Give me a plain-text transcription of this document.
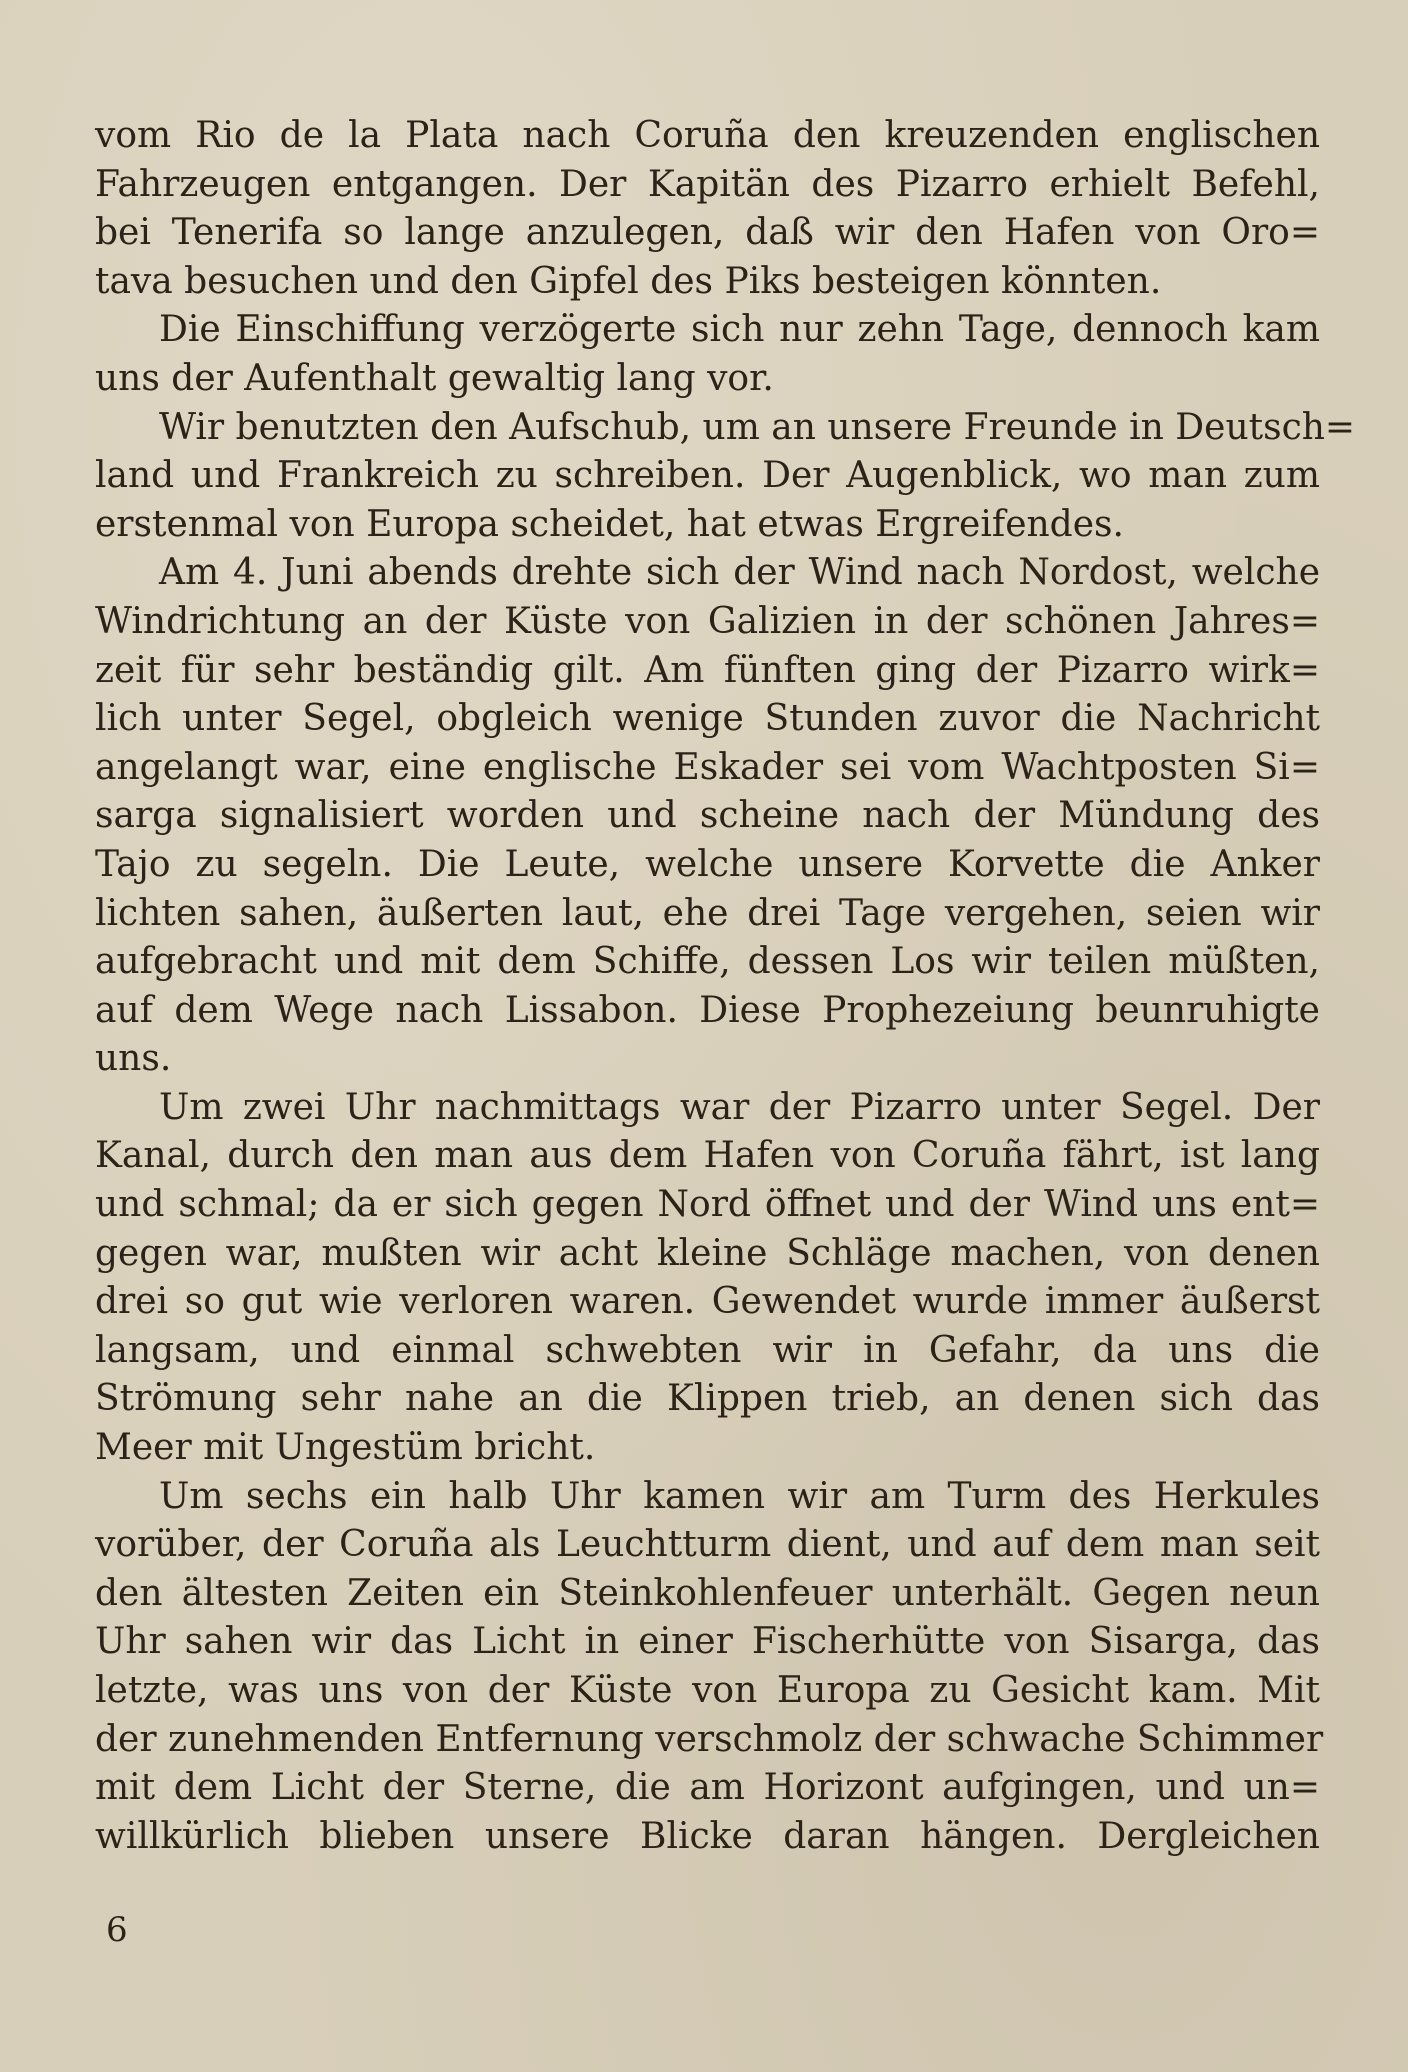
vom Rio de la Plata nach Coruña den kreuzenden englischen
Fahrzeugen entgangen. Der Kapitän des Pizarro erhielt Befehl,
bei Tenerifa so lange anzulegen, daß wir den Hafen von Oro=
tava besuchen und den Gipfel des Piks besteigen könnten.
Die Einschiffung verzögerte sich nur zehn Tage, dennoch kam
uns der Aufenthalt gewaltig lang vor.
Wir benutzten den Aufschub, um an unsere Freunde in Deutsch=
land und Frankreich zu schreiben. Der Augenblick, wo man zum
erstenmal von Europa scheidet, hat etwas Ergreifendes.
Am 4. Juni abends drehte sich der Wind nach Nordost, welche
Windrichtung an der Küste von Galizien in der schönen Jahres=
zeit für sehr beständig gilt. Am fünften ging der Pizarro wirk=
lich unter Segel, obgleich wenige Stunden zuvor die Nachricht
angelangt war, eine englische Eskader sei vom Wachtposten Si=
sarga signalisiert worden und scheine nach der Mündung des
Tajo zu segeln. Die Leute, welche unsere Korvette die Anker
lichten sahen, äußerten laut, ehe drei Tage vergehen, seien wir
aufgebracht und mit dem Schiffe, dessen Los wir teilen müßten,
auf dem Wege nach Lissabon. Diese Prophezeiung beunruhigte
uns.
Um zwei Uhr nachmittags war der Pizarro unter Segel. Der
Kanal, durch den man aus dem Hafen von Coruña fährt, ist lang
und schmal; da er sich gegen Nord öffnet und der Wind uns ent=
gegen war, mußten wir acht kleine Schläge machen, von denen
drei so gut wie verloren waren. Gewendet wurde immer äußerst
langsam, und einmal schwebten wir in Gefahr, da uns die
Strömung sehr nahe an die Klippen trieb, an denen sich das
Meer mit Ungestüm bricht.
Um sechs ein halb Uhr kamen wir am Turm des Herkules
vorüber, der Coruña als Leuchtturm dient, und auf dem man seit
den ältesten Zeiten ein Steinkohlenfeuer unterhält. Gegen neun
Uhr sahen wir das Licht in einer Fischerhütte von Sisarga, das
letzte, was uns von der Küste von Europa zu Gesicht kam. Mit
der zunehmenden Entfernung verschmolz der schwache Schimmer
mit dem Licht der Sterne, die am Horizont aufgingen, und un=
willkürlich blieben unsere Blicke daran hängen. Dergleichen
6
